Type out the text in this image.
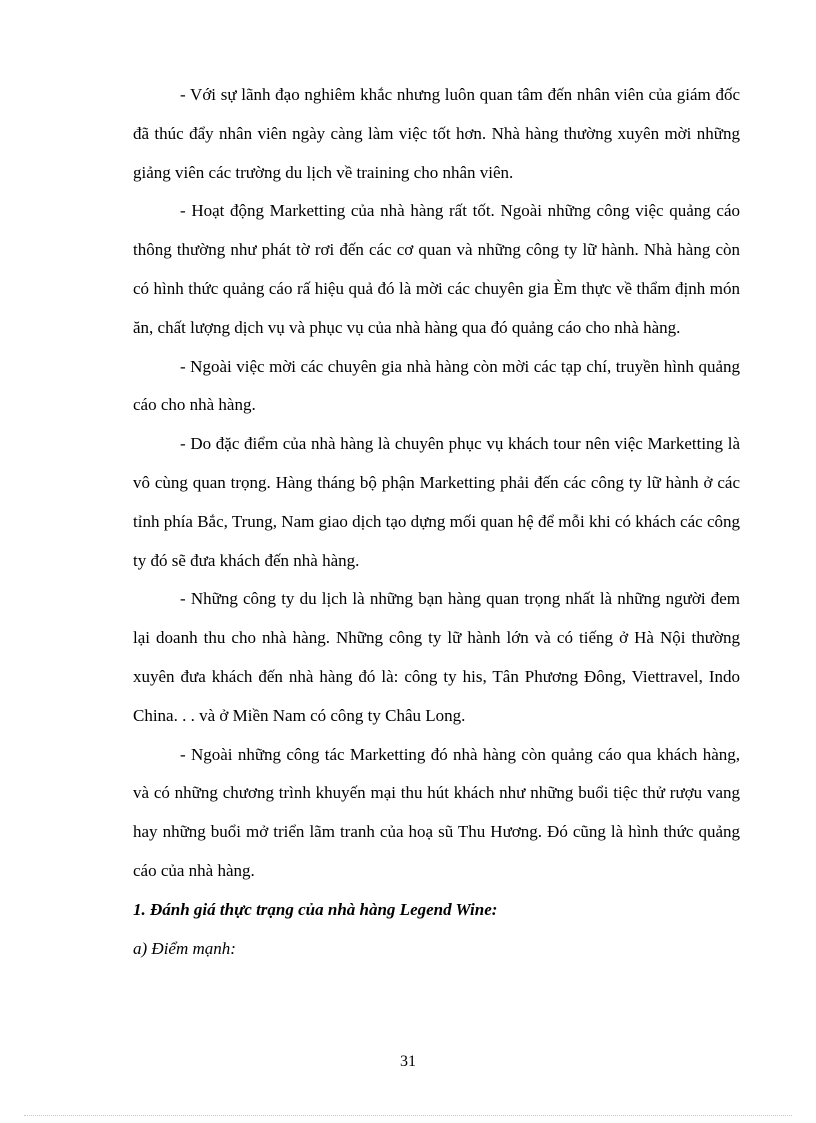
- Với sự lãnh đạo nghiêm khắc nhưng luôn quan tâm đến nhân viên của giám đốc đã thúc đẩy nhân viên ngày càng làm việc tốt hơn. Nhà hàng thường xuyên mời những giảng viên các trường du lịch về training cho nhân viên.

- Hoạt động Marketting của nhà hàng rất tốt. Ngoài những công việc quảng cáo thông thường như phát tờ rơi đến các cơ quan và những công ty lữ hành. Nhà hàng còn có hình thức quảng cáo rấ hiệu quả đó là mời các chuyên gia Èm thực về thẩm định món ăn, chất lượng dịch vụ và phục vụ của nhà hàng qua đó quảng cáo cho nhà hàng.

- Ngoài việc mời các chuyên gia nhà hàng còn mời các tạp chí, truyền hình quảng cáo cho nhà hàng.

- Do đặc điểm của nhà hàng là chuyên phục vụ khách tour nên việc Marketting là vô cùng quan trọng. Hàng tháng bộ phận Marketting phải đến các công ty lữ hành ở các tỉnh phía Bắc, Trung, Nam giao dịch tạo dựng mối quan hệ để mỗi khi có khách các công ty đó sẽ đưa khách đến nhà hàng.

- Những công ty du lịch là những bạn hàng quan trọng nhất là những người đem lại doanh thu cho nhà hàng. Những công ty lữ hành lớn và có tiếng ở Hà Nội thường xuyên đưa khách đến nhà hàng đó là: công ty his, Tân Phương Đông, Viettravel, Indo China. . . và ở Miền Nam có công ty Châu Long.

- Ngoài những công tác Marketting đó nhà hàng còn quảng cáo qua khách hàng, và có những chương trình khuyến mại thu hút khách như những buổi tiệc thử rượu vang hay những buổi mở triển lãm tranh của hoạ sũ Thu Hương. Đó cũng là hình thức quảng cáo của nhà hàng.

1. Đánh giá thực trạng của nhà hàng Legend Wine:

a) Điểm mạnh:

31
